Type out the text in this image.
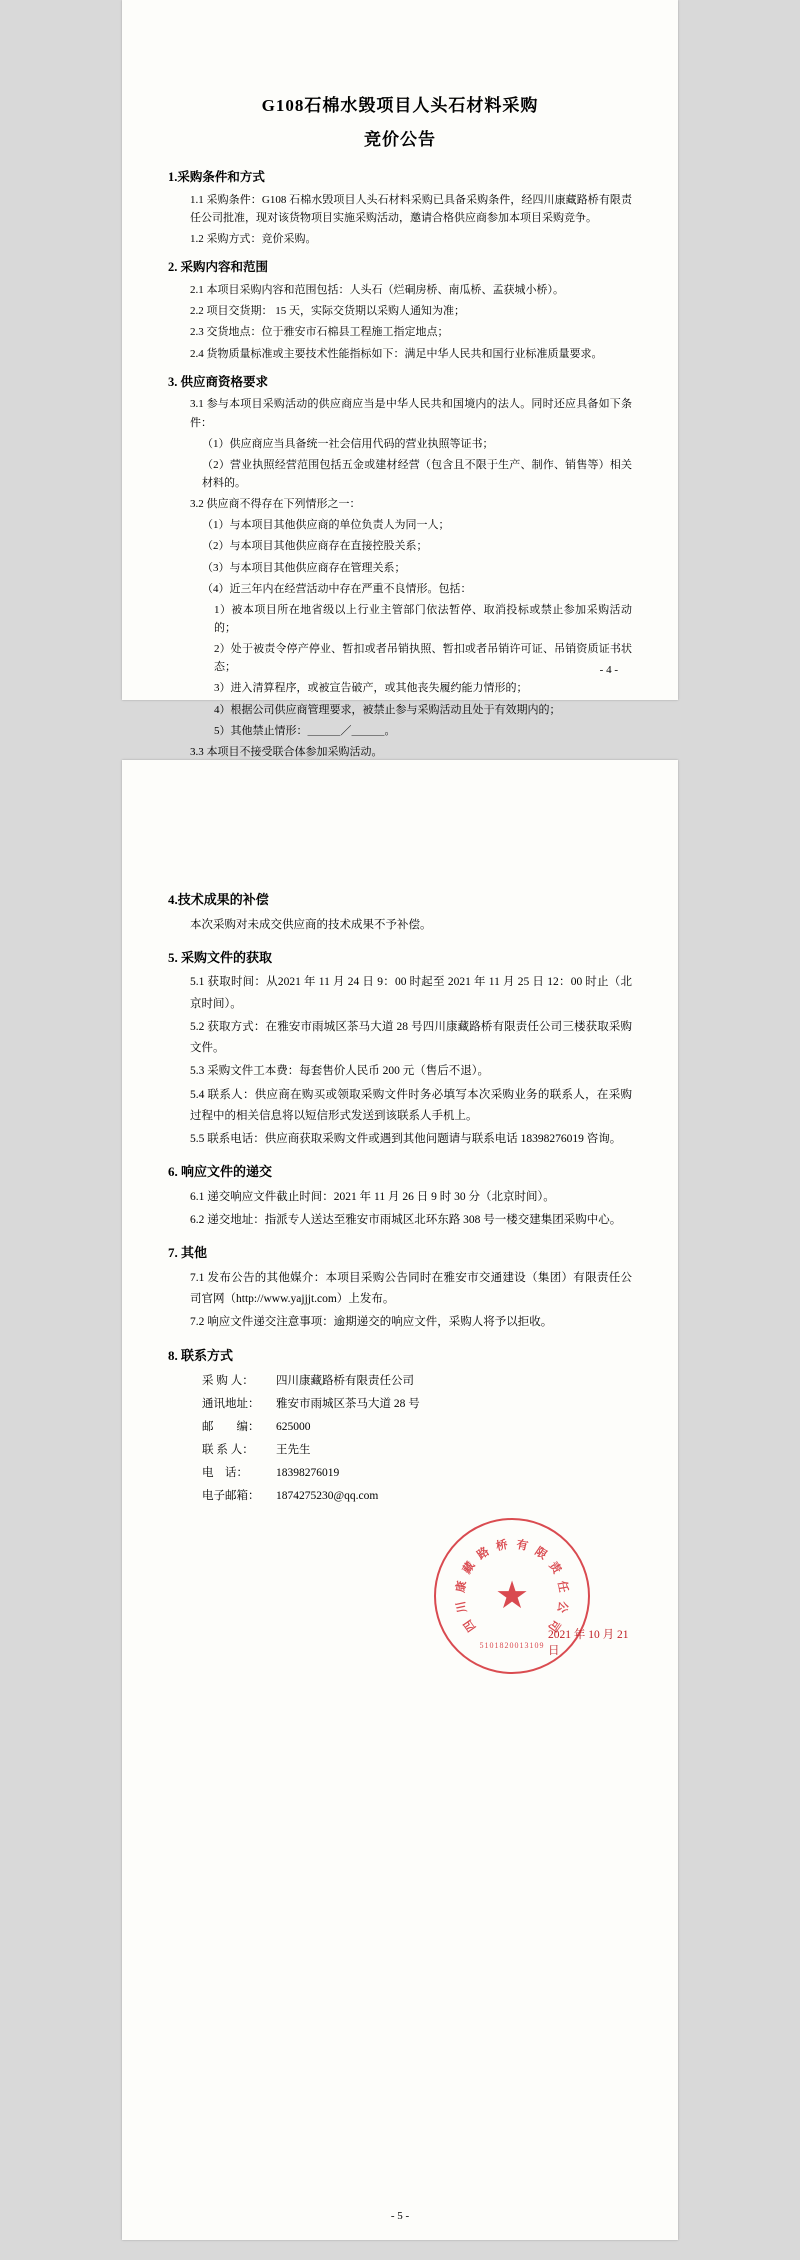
G108石棉水毁项目人头石材料采购
竞价公告
1.采购条件和方式

1.1 采购条件：G108 石棉水毁项目人头石材料采购已具备采购条件，经四川康藏路桥有限责任公司批准，现对该货物项目实施采购活动，邀请合格供应商参加本项目采购竞争。

1.2 采购方式：竞价采购。

2. 采购内容和范围

2.1 本项目采购内容和范围包括：人头石（烂硐房桥、南瓜桥、孟获城小桥）。

2.2 项目交货期： 15 天，实际交货期以采购人通知为准；

2.3 交货地点：位于雅安市石棉县工程施工指定地点；

2.4 货物质量标准或主要技术性能指标如下：满足中华人民共和国行业标准质量要求。

3. 供应商资格要求

3.1 参与本项目采购活动的供应商应当是中华人民共和国境内的法人。同时还应具备如下条件：

（1）供应商应当具备统一社会信用代码的营业执照等证书；

（2）营业执照经营范围包括五金或建材经营（包含且不限于生产、制作、销售等）相关材料的。

3.2 供应商不得存在下列情形之一：

（1）与本项目其他供应商的单位负责人为同一人；

（2）与本项目其他供应商存在直接控股关系；

（3）与本项目其他供应商存在管理关系；

（4）近三年内在经营活动中存在严重不良情形。包括：

1）被本项目所在地省级以上行业主管部门依法暂停、取消投标或禁止参加采购活动的；

2）处于被责令停产停业、暂扣或者吊销执照、暂扣或者吊销许可证、吊销资质证书状态；

3）进入清算程序，或被宣告破产，或其他丧失履约能力情形的；

4）根据公司供应商管理要求，被禁止参与采购活动且处于有效期内的；

5）其他禁止情形：＿＿＿／＿＿＿。

3.3 本项目不接受联合体参加采购活动。

- 4 -
4.技术成果的补偿

本次采购对未成交供应商的技术成果不予补偿。

5. 采购文件的获取

5.1 获取时间：从2021 年 11 月 24 日 9：00 时起至 2021 年 11 月 25 日 12：00 时止（北京时间）。

5.2 获取方式：在雅安市雨城区茶马大道 28 号四川康藏路桥有限责任公司三楼获取采购文件。

5.3 采购文件工本费：每套售价人民币 200 元（售后不退）。

5.4 联系人：供应商在购买或领取采购文件时务必填写本次采购业务的联系人，在采购过程中的相关信息将以短信形式发送到该联系人手机上。

5.5 联系电话：供应商获取采购文件或遇到其他问题请与联系电话 18398276019 咨询。

6. 响应文件的递交

6.1 递交响应文件截止时间：2021 年 11 月 26 日 9 时 30 分（北京时间）。

6.2 递交地址：指派专人送达至雅安市雨城区北环东路 308 号一楼交建集团采购中心。

7. 其他

7.1 发布公告的其他媒介：本项目采购公告同时在雅安市交通建设（集团）有限责任公司官网（http://www.yajjjt.com）上发布。

7.2 响应文件递交注意事项：逾期递交的响应文件，采购人将予以拒收。

8. 联系方式
采 购 人： 四川康藏路桥有限责任公司
通讯地址： 雅安市雨城区茶马大道 28 号
邮　　编： 625000
联 系 人： 王先生
电　话： 18398276019
电子邮箱： 1874275230@qq.com
四
川
康
藏
路 桥 有 限
责
任
公
司
★
5101820013109
2021 年 10 月 21 日
- 5 -
